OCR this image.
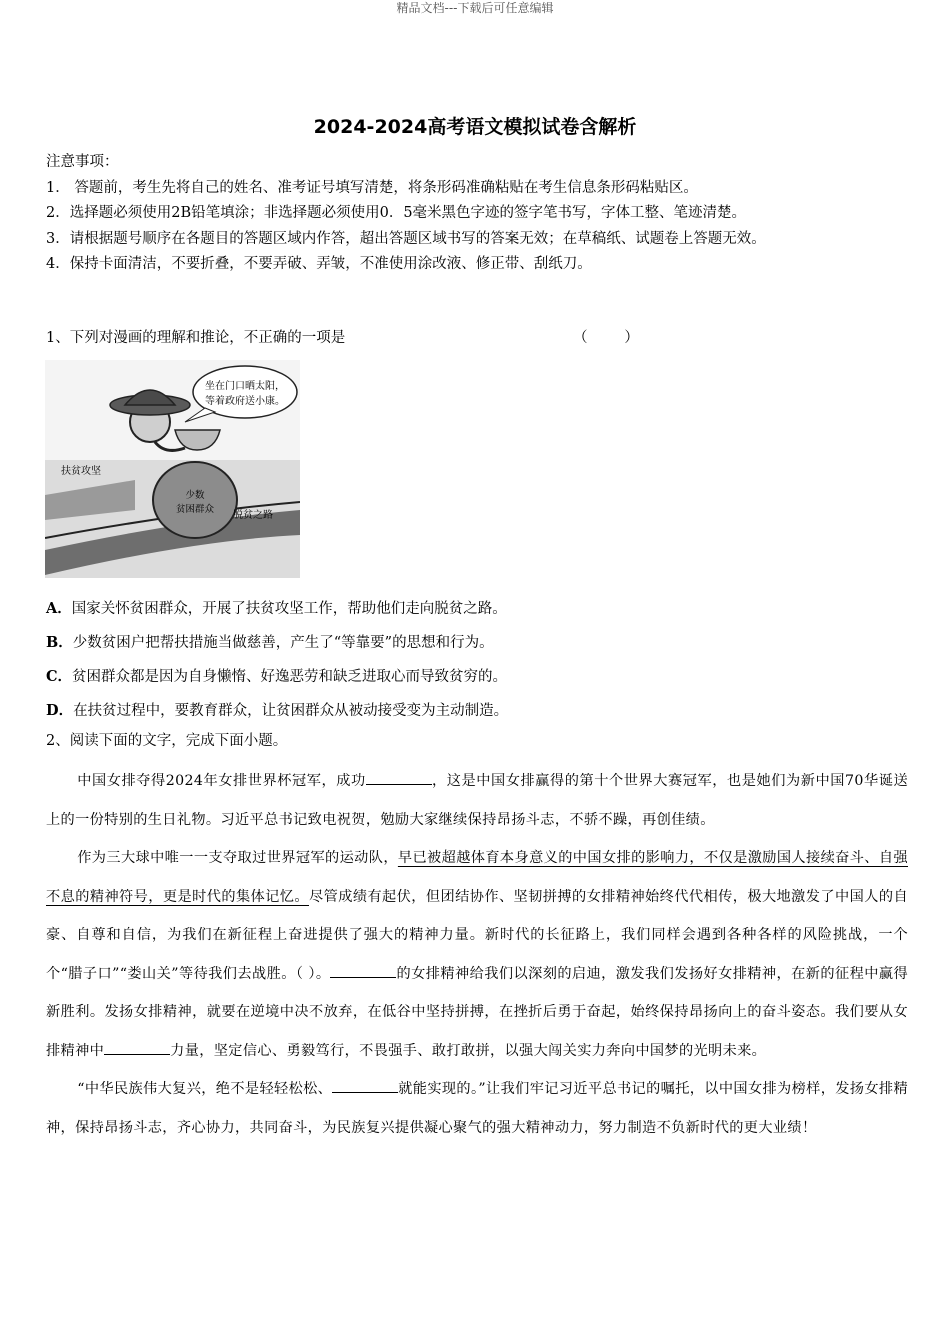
精品文档---下载后可任意编辑
2024-2024高考语文模拟试卷含解析
注意事项：
1． 答题前，考生先将自己的姓名、准考证号填写清楚，将条形码准确粘贴在考生信息条形码粘贴区。
2．选择题必须使用2B铅笔填涂；非选择题必须使用0．5毫米黑色字迹的签字笔书写，字体工整、笔迹清楚。
3．请根据题号顺序在各题目的答题区域内作答，超出答题区域书写的答案无效；在草稿纸、试题卷上答题无效。
4．保持卡面清洁，不要折叠，不要弄破、弄皱，不准使用涂改液、修正带、刮纸刀。
1、下列对漫画的理解和推论，不正确的一项是	（        ）
坐在门口晒太阳，
等着政府送小康。
扶贫攻坚
少数
贫困群众
脱贫之路
A．国家关怀贫困群众，开展了扶贫攻坚工作，帮助他们走向脱贫之路。
B．少数贫困户把帮扶措施当做慈善，产生了“等靠要”的思想和行为。
C．贫困群众都是因为自身懒惰、好逸恶劳和缺乏进取心而导致贫穷的。
D．在扶贫过程中，要教育群众，让贫困群众从被动接受变为主动制造。
2、阅读下面的文字，完成下面小题。

中国女排夺得2024年女排世界杯冠军，成功	，这是中国女排赢得的第十个世界大赛冠军，也是她们为新中国70华诞送上的一份特别的生日礼物。习近平总书记致电祝贺，勉励大家继续保持昂扬斗志，不骄不躁，再创佳绩。

作为三大球中唯一一支夺取过世界冠军的运动队，早已被超越体育本身意义的中国女排的影响力，不仅是激励国人接续奋斗、自强不息的精神符号，更是时代的集体记忆。尽管成绩有起伏，但团结协作、坚韧拼搏的女排精神始终代代相传，极大地激发了中国人的自豪、自尊和自信，为我们在新征程上奋进提供了强大的精神力量。新时代的长征路上，我们同样会遇到各种各样的风险挑战，一个个“腊子口”“娄山关”等待我们去战胜。（ ）。	的女排精神给我们以深刻的启迪，激发我们发扬好女排精神，在新的征程中赢得新胜利。发扬女排精神，就要在逆境中决不放弃，在低谷中坚持拼搏，在挫折后勇于奋起，始终保持昂扬向上的奋斗姿态。我们要从女排精神中	力量，坚定信心、勇毅笃行，不畏强手、敢打敢拼，以强大闯关实力奔向中国梦的光明未来。

“中华民族伟大复兴，绝不是轻轻松松、	就能实现的。”让我们牢记习近平总书记的嘱托，以中国女排为榜样，发扬女排精神，保持昂扬斗志，齐心协力，共同奋斗，为民族复兴提供凝心聚气的强大精神动力，努力制造不负新时代的更大业绩！
